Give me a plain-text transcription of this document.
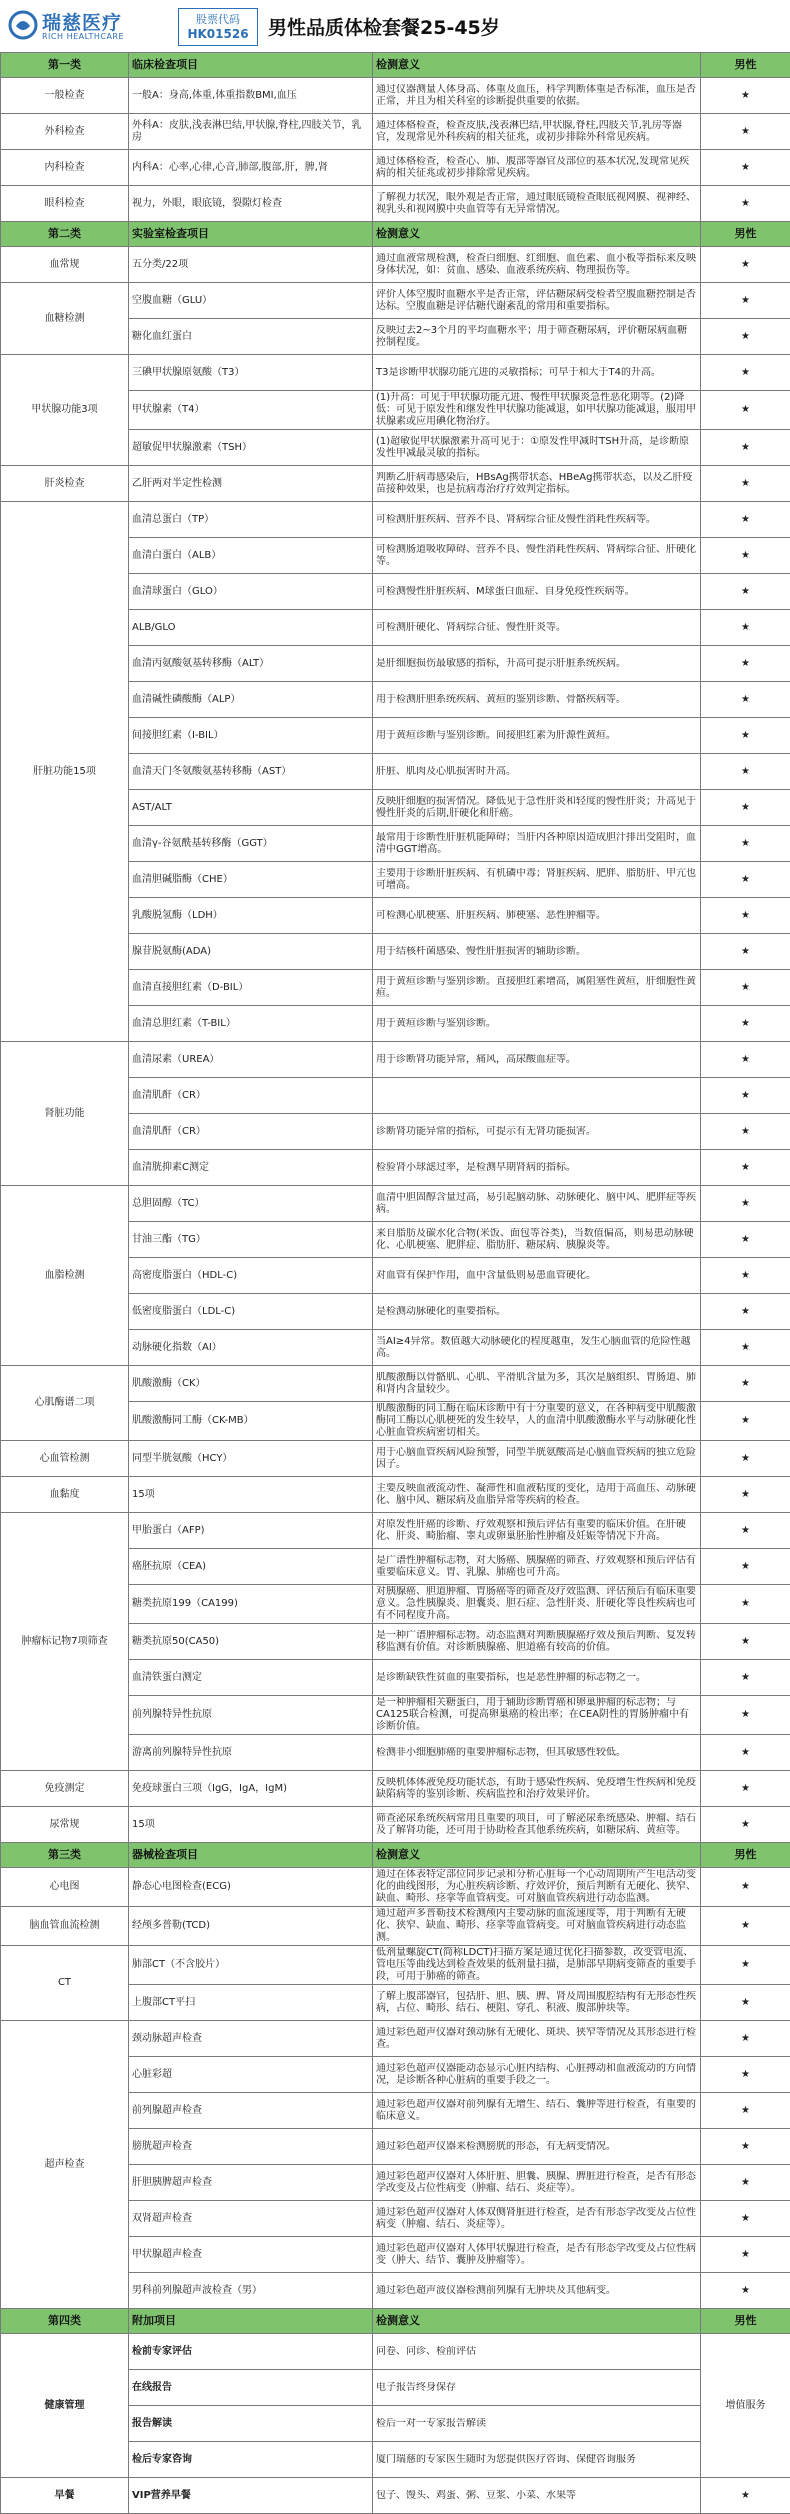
瑞慈医疗
RICH HEALTHCARE
股票代码
HK01526	男性品质体检套餐25-45岁
第一类	临床检查项目	检测意义	男性
一般检查	一般A：身高,体重,体重指数BMI,血压	通过仪器测量人体身高、体重及血压，科学判断体重是否标准，血压是否正常，并且为相关科室的诊断提供重要的依据。	★
外科检查	外科A：皮肤,浅表淋巴结,甲状腺,脊柱,四肢关节，乳房	通过体格检查，检查皮肤,浅表淋巴结,甲状腺,脊柱,四肢关节,乳房等器官，发现常见外科疾病的相关征兆，或初步排除外科常见疾病。	★
内科检查	内科A：心率,心律,心音,肺部,腹部,肝，脾,肾	通过体格检查，检查心、肺、腹部等器官及部位的基本状况,发现常见疾病的相关征兆或初步排除常见疾病。	★
眼科检查	视力，外眼，眼底镜，裂隙灯检查	了解视力状况，眼外观是否正常，通过眼底镜检查眼底视网膜、视神经、视乳头和视网膜中央血管等有无异常情况。	★
第二类	实验室检查项目	检测意义	男性
血常规	五分类/22项	通过血液常规检测，检查白细胞、红细胞、血色素、血小板等指标来反映身体状况，如：贫血、感染、血液系统疾病、物理损伤等。	★
血糖检测	空腹血糖（GLU）	评价人体空腹时血糖水平是否正常，评估糖尿病受检者空腹血糖控制是否达标。空腹血糖是评估糖代谢紊乱的常用和重要指标。	★
	糖化血红蛋白	反映过去2~3个月的平均血糖水平；用于筛查糖尿病，评价糖尿病血糖控制程度。	★
甲状腺功能3项	三碘甲状腺原氨酸（T3）	T3是诊断甲状腺功能亢进的灵敏指标；可早于和大于T4的升高。	★
	甲状腺素（T4）	(1)升高：可见于甲状腺功能亢进、慢性甲状腺炎急性恶化期等。(2)降低：可见于原发性和继发性甲状腺功能减退，如甲状腺功能减退，服用甲状腺素或应用碘化物治疗。	★
	超敏促甲状腺激素（TSH）	(1)超敏促甲状腺激素升高可见于：①原发性甲减时TSH升高，是诊断原发性甲减最灵敏的指标。	★
肝炎检查	乙肝两对半定性检测	判断乙肝病毒感染后，HBsAg携带状态、HBeAg携带状态，以及乙肝疫苗接种效果，也是抗病毒治疗疗效判定指标。	★
肝脏功能15项	血清总蛋白（TP）	可检测肝脏疾病、营养不良、肾病综合征及慢性消耗性疾病等。	★
	血清白蛋白（ALB）	可检测肠道吸收障碍、营养不良、慢性消耗性疾病、肾病综合征、肝硬化等。	★
	血清球蛋白（GLO）	可检测慢性肝脏疾病、M球蛋白血症、自身免疫性疾病等。	★
	ALB/GLO	可检测肝硬化、肾病综合征、慢性肝炎等。	★
	血清丙氨酸氨基转移酶（ALT）	是肝细胞损伤最敏感的指标，升高可提示肝脏系统疾病。	★
	血清碱性磷酸酶（ALP）	用于检测肝胆系统疾病、黄疸的鉴别诊断、骨骼疾病等。	★
	间接胆红素（I-BIL）	用于黄疸诊断与鉴别诊断。间接胆红素为肝源性黄疸。	★
	血清天门冬氨酸氨基转移酶（AST）	肝脏、肌肉及心肌损害时升高。	★
	AST/ALT	反映肝细胞的损害情况。降低见于急性肝炎和轻度的慢性肝炎；升高见于慢性肝炎的后期,肝硬化和肝癌。	★
	血清γ-谷氨酰基转移酶（GGT）	最常用于诊断性肝脏机能障碍；当肝内各种原因造成胆汁排出受阻时，血清中GGT增高。	★
	血清胆碱脂酶（CHE）	主要用于诊断肝脏疾病、有机磷中毒；肾脏疾病、肥胖、脂肪肝、甲亢也可增高。	★
	乳酸脱氢酶（LDH）	可检测心肌梗塞、肝脏疾病、肺梗塞、恶性肿瘤等。	★
	腺苷脱氨酶(ADA)	用于结核杆菌感染、慢性肝脏损害的辅助诊断。	★
	血清直接胆红素（D-BIL）	用于黄疸诊断与鉴别诊断。直接胆红素增高，属阻塞性黄疸，肝细胞性黄疸。	★
	血清总胆红素（T-BIL）	用于黄疸诊断与鉴别诊断。	★
肾脏功能	血清尿素（UREA）	用于诊断肾功能异常，痛风，高尿酸血症等。	★
	血清肌酐（CR）		★
	血清肌酐（CR）	诊断肾功能异常的指标，可提示有无肾功能损害。	★
	血清胱抑素C测定	检验肾小球滤过率，是检测早期肾病的指标。	★
血脂检测	总胆固醇（TC）	血清中胆固醇含量过高，易引起脑动脉、动脉硬化、脑中风、肥胖症等疾病。	★
	甘油三酯（TG）	来自脂肪及碳水化合物(米饭、面包等谷类)，当数值偏高，则易患动脉硬化、心肌梗塞、肥胖症、脂肪肝、糖尿病、胰腺炎等。	★
	高密度脂蛋白（HDL-C)	对血管有保护作用，血中含量低则易患血管硬化。	★
	低密度脂蛋白（LDL-C)	是检测动脉硬化的重要指标。	★
	动脉硬化指数（AI）	当AI≥4异常。数值越大动脉硬化的程度越重，发生心脑血管的危险性越高。	★
心肌酶谱二项	肌酸激酶（CK）	肌酸激酶以骨骼肌、心肌、平滑肌含量为多，其次是脑组织、胃肠道、肺和肾内含量较少。	★
	肌酸激酶同工酶（CK-MB）	肌酸激酶的同工酶在临床诊断中有十分重要的意义，在各种病变中肌酸激酶同工酶以心肌梗死的发生较早，人的血清中肌酸激酶水平与动脉硬化性心脏血管疾病密切相关。	★
心血管检测	同型半胱氨酸（HCY）	用于心脑血管疾病风险预警，同型半胱氨酸高是心脑血管疾病的独立危险因子。	★
血黏度	15项	主要反映血液流动性、凝滞性和血液粘度的变化，适用于高血压、动脉硬化、脑中风、糖尿病及血脂异常等疾病的检查。	★
肿瘤标记物7项筛查	甲胎蛋白（AFP)	对原发性肝癌的诊断、疗效观察和预后评估有重要的临床价值。在肝硬化、肝炎、畸胎瘤、睾丸或卵巢胚胎性肿瘤及妊娠等情况下升高。	★
	癌胚抗原（CEA)	是广谱性肿瘤标志物，对大肠癌、胰腺癌的筛查、疗效观察和预后评估有重要临床意义。胃、乳腺、肺癌也可升高。	★
	糖类抗原199（CA199)	对胰腺癌、胆道肿瘤、胃肠癌等的筛查及疗效监测、评估预后有临床重要意义。急性胰腺炎、胆囊炎、胆石症、急性肝炎、肝硬化等良性疾病也可有不同程度升高。	★
	糖类抗原50(CA50)	是一种广谱肿瘤标志物。动态监测对判断胰腺癌疗效及预后判断、复发转移监测有价值。对诊断胰腺癌、胆道癌有较高的价值。	★
	血清铁蛋白测定	是诊断缺铁性贫血的重要指标，也是恶性肿瘤的标志物之一。	★
	前列腺特异性抗原	是一种肿瘤相关糖蛋白，用于辅助诊断胃癌和卵巢肿瘤的标志物；与CA125联合检测，可提高卵巢癌的检出率；在CEA阴性的胃肠肿瘤中有诊断价值。	★
	游离前列腺特异性抗原	检测非小细胞肺癌的重要肿瘤标志物，但其敏感性较低。	★
免疫测定	免疫球蛋白三项（IgG，IgA，IgM)	反映机体体液免疫功能状态，有助于感染性疾病、免疫增生性疾病和免疫缺陷病等的鉴别诊断、疾病监控和治疗效果评价。	★
尿常规	15项	筛查泌尿系统疾病常用且重要的项目，可了解泌尿系统感染、肿瘤、结石及了解肾功能，还可用于协助检查其他系统疾病，如糖尿病、黄疸等。	★
第三类	器械检查项目	检测意义	男性
心电图	静态心电图检查(ECG)	通过在体表特定部位同步记录和分析心脏每一个心动周期所产生电活动变化的曲线图形，为心脏疾病诊断、疗效评价，预后判断有无硬化、狭窄、缺血、畸形、痉挛等血管病变。可对脑血管疾病进行动态监测。	★
脑血管血流检测	经颅多普勒(TCD)	通过超声多普勒技术检测颅内主要动脉的血流速度等，用于判断有无硬化、狭窄、缺血、畸形、痉挛等血管病变。可对脑血管疾病进行动态监测。	★
CT	肺部CT（不含胶片）	低剂量螺旋CT(简称LDCT)扫描方案是通过优化扫描参数，改变管电流、管电压等曲线达到检查效果的低剂量扫描，是肺部早期病变筛查的重要手段，可用于肺癌的筛查。	★
	上腹部CT平扫	了解上腹部器官，包括肝、胆、胰、脾、肾及周围腹腔结构有无形态性疾病，占位、畸形、结石、梗阻、穿孔、积液、腹部肿块等。	★
超声检查	颈动脉超声检查	通过彩色超声仪器对颈动脉有无硬化、斑块、狭窄等情况及其形态进行检查。	★
	心脏彩超	通过彩色超声仪器能动态显示心脏内结构、心脏搏动和血液流动的方向情况，是诊断各种心脏病的重要手段之一。	★
	前列腺超声检查	通过彩色超声仪器对前列腺有无增生、结石、囊肿等进行检查，有重要的临床意义。	★
	膀胱超声检查	通过彩色超声仪器来检测膀胱的形态，有无病变情况。	★
	肝胆胰脾超声检查	通过彩色超声仪器对人体肝脏、胆囊、胰腺、脾脏进行检查，是否有形态学改变及占位性病变（肿瘤、结石、炎症等）。	★
	双肾超声检查	通过彩色超声仪器对人体双侧肾脏进行检查，是否有形态学改变及占位性病变（肿瘤、结石、炎症等）。	★
	甲状腺超声检查	通过彩色超声仪器对人体甲状腺进行检查，是否有形态学改变及占位性病变（肿大、结节、囊肿及肿瘤等）。	★
	男科前列腺超声波检查（男）	通过彩色超声波仪器检测前列腺有无肿块及其他病变。	★
第四类	附加项目	检测意义	男性
健康管理	检前专家评估	问卷、问诊、检前评估	增值服务
	在线报告	电子报告终身保存	

	报告解读	检后一对一专家报告解读	

	检后专家咨询	厦门瑞慈的专家医生随时为您提供医疗咨询、保健咨询服务	

早餐	VIP营养早餐	包子、馒头、鸡蛋、粥、豆浆、小菜、水果等	★
